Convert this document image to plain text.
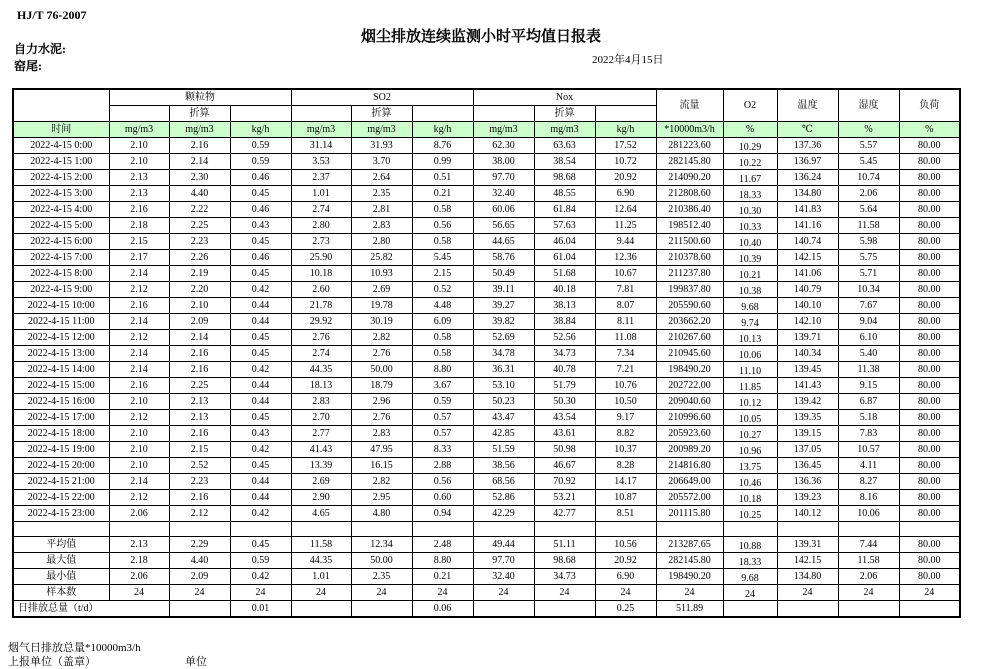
HJ/T 76-2007
烟尘排放连续监测小时平均值日报表
自力水泥:
窑尾:	2022年4月15日
	颗粒物			SO2			Nox			流量	O2	温度	湿度	负荷
		折算			折算			折算						
时间	mg/m3	mg/m3	kg/h	mg/m3	mg/m3	kg/h	mg/m3	mg/m3	kg/h	*10000m3/h	%	℃	%	%
2022-4-15 0:00	2.10	2.16	0.59	31.14	31.93	8.76	62.30	63.63	17.52	281223.60	10.29	137.36	5.57	80.00
2022-4-15 1:00	2.10	2.14	0.59	3.53	3.70	0.99	38.00	38.54	10.72	282145.80	10.22	136.97	5.45	80.00
2022-4-15 2:00	2.13	2.30	0.46	2.37	2.64	0.51	97.70	98.68	20.92	214090.20	11.67	136.24	10.74	80.00
2022-4-15 3:00	2.13	4.40	0.45	1.01	2.35	0.21	32.40	48.55	6.90	212808.60	18.33	134.80	2.06	80.00
2022-4-15 4:00	2.16	2.22	0.46	2.74	2.81	0.58	60.06	61.84	12.64	210386.40	10.30	141.83	5.64	80.00
2022-4-15 5:00	2.18	2.25	0.43	2.80	2.83	0.56	56.65	57.63	11.25	198512.40	10.33	141.16	11.58	80.00
2022-4-15 6:00	2.15	2.23	0.45	2.73	2.80	0.58	44.65	46.04	9.44	211500.60	10.40	140.74	5.98	80.00
2022-4-15 7:00	2.17	2.26	0.46	25.90	25.82	5.45	58.76	61.04	12.36	210378.60	10.39	142.15	5.75	80.00
2022-4-15 8:00	2.14	2.19	0.45	10.18	10.93	2.15	50.49	51.68	10.67	211237.80	10.21	141.06	5.71	80.00
2022-4-15 9:00	2.12	2.20	0.42	2.60	2.69	0.52	39.11	40.18	7.81	199837.80	10.38	140.79	10.34	80.00
2022-4-15 10:00	2.16	2.10	0.44	21.78	19.78	4.48	39.27	38.13	8.07	205590.60	9.68	140.10	7.67	80.00
2022-4-15 11:00	2.14	2.09	0.44	29.92	30.19	6.09	39.82	38.84	8.11	203662.20	9.74	142.10	9.04	80.00
2022-4-15 12:00	2.12	2.14	0.45	2.76	2.82	0.58	52.69	52.56	11.08	210267.60	10.13	139.71	6.10	80.00
2022-4-15 13:00	2.14	2.16	0.45	2.74	2.76	0.58	34.78	34.73	7.34	210945.60	10.06	140.34	5.40	80.00
2022-4-15 14:00	2.14	2.16	0.42	44.35	50.00	8.80	36.31	40.78	7.21	198490.20	11.10	139.45	11.38	80.00
2022-4-15 15:00	2.16	2.25	0.44	18.13	18.79	3.67	53.10	51.79	10.76	202722.00	11.85	141.43	9.15	80.00
2022-4-15 16:00	2.10	2.13	0.44	2.83	2.96	0.59	50.23	50.30	10.50	209040.60	10.12	139.42	6.87	80.00
2022-4-15 17:00	2.12	2.13	0.45	2.70	2.76	0.57	43.47	43.54	9.17	210996.60	10.05	139.35	5.18	80.00
2022-4-15 18:00	2.10	2.16	0.43	2.77	2.83	0.57	42.85	43.61	8.82	205923.60	10.27	139.15	7.83	80.00
2022-4-15 19:00	2.10	2.15	0.42	41.43	47.95	8.33	51.59	50.98	10.37	200989.20	10.96	137.05	10.57	80.00
2022-4-15 20:00	2.10	2.52	0.45	13.39	16.15	2.88	38.56	46.67	8.28	214816.80	13.75	136.45	4.11	80.00
2022-4-15 21:00	2.14	2.23	0.44	2.69	2.82	0.56	68.56	70.92	14.17	206649.00	10.46	136.36	8.27	80.00
2022-4-15 22:00	2.12	2.16	0.44	2.90	2.95	0.60	52.86	53.21	10.87	205572.00	10.18	139.23	8.16	80.00
2022-4-15 23:00	2.06	2.12	0.42	4.65	4.80	0.94	42.29	42.77	8.51	201115.80	10.25	140.12	10.06	80.00

平均值	2.13	2.29	0.45	11.58	12.34	2.48	49.44	51.11	10.56	213287.65	10.88	139.31	7.44	80.00
最大值	2.18	4.40	0.59	44.35	50.00	8.80	97.70	98.68	20.92	282145.80	18.33	142.15	11.58	80.00
最小值	2.06	2.09	0.42	1.01	2.35	0.21	32.40	34.73	6.90	198490.20	9.68	134.80	2.06	80.00
样本数	24	24	24	24	24	24	24	24	24	24	24	24	24	24
日排放总量（t/d）			0.01			0.06			0.25	511.89				
烟气日排放总量*10000m3/h
上报单位（盖章）	单位
